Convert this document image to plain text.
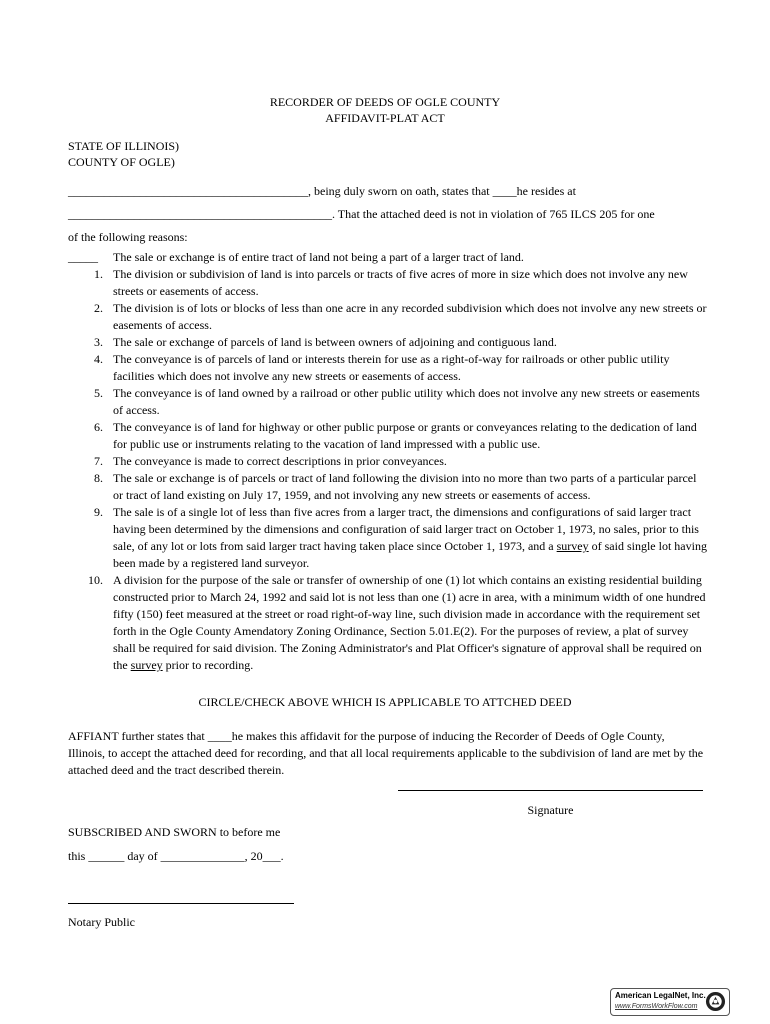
RECORDER OF DEEDS OF OGLE COUNTY
AFFIDAVIT-PLAT ACT
STATE OF ILLINOIS)
COUNTY OF OGLE)
________________________________________, being duly sworn on oath, states that ____he resides at
____________________________________________. That the attached deed is not in violation of 765 ILCS 205 for one
of the following reasons:
_____	The sale or exchange is of entire tract of land not being a part of a larger tract of land.
1. The division or subdivision of land is into parcels or tracts of five acres of more in size which does not involve any new streets or easements of access.
2. The division is of lots or blocks of less than one acre in any recorded subdivision which does not involve any new streets or easements of access.
3. The sale or exchange of parcels of land is between owners of adjoining and contiguous land.
4. The conveyance is of parcels of land or interests therein for use as a right-of-way for railroads or other public utility facilities which does not involve any new streets or easements of access.
5. The conveyance is of land owned by a railroad or other public utility which does not involve any new streets or easements of access.
6. The conveyance is of land for highway or other public purpose or grants or conveyances relating to the dedication of land for public use or instruments relating to the vacation of land impressed with a public use.
7. The conveyance is made to correct descriptions in prior conveyances.
8. The sale or exchange is of parcels or tract of land following the division into no more than two parts of a particular parcel or tract of land existing on July 17, 1959, and not involving any new streets or easements of access.
9. The sale is of a single lot of less than five acres from a larger tract, the dimensions and configurations of said larger tract having been determined by the dimensions and configuration of said larger tract on October 1, 1973, no sales, prior to this sale, of any lot or lots from said larger tract having taken place since October 1, 1973, and a survey of said single lot having been made by a registered land surveyor.
10. A division for the purpose of the sale or transfer of ownership of one (1) lot which contains an existing residential building constructed prior to March 24, 1992 and said lot is not less than one (1) acre in area, with a minimum width of one hundred fifty (150) feet measured at the street or road right-of-way line, such division made in accordance with the requirement set forth in the Ogle County Amendatory Zoning Ordinance, Section 5.01.E(2). For the purposes of review, a plat of survey shall be required for said division. The Zoning Administrator's and Plat Officer's signature of approval shall be required on the survey prior to recording.
CIRCLE/CHECK ABOVE WHICH IS APPLICABLE TO ATTCHED DEED
AFFIANT further states that ____he makes this affidavit for the purpose of inducing the Recorder of Deeds of Ogle County, Illinois, to accept the attached deed for recording, and that all local requirements applicable to the subdivision of land are met by the attached deed and the tract described therein.
Signature
SUBSCRIBED AND SWORN to before me
this ______ day of ______________, 20___.
Notary Public
American LegalNet, Inc.
www.FormsWorkFlow.com
